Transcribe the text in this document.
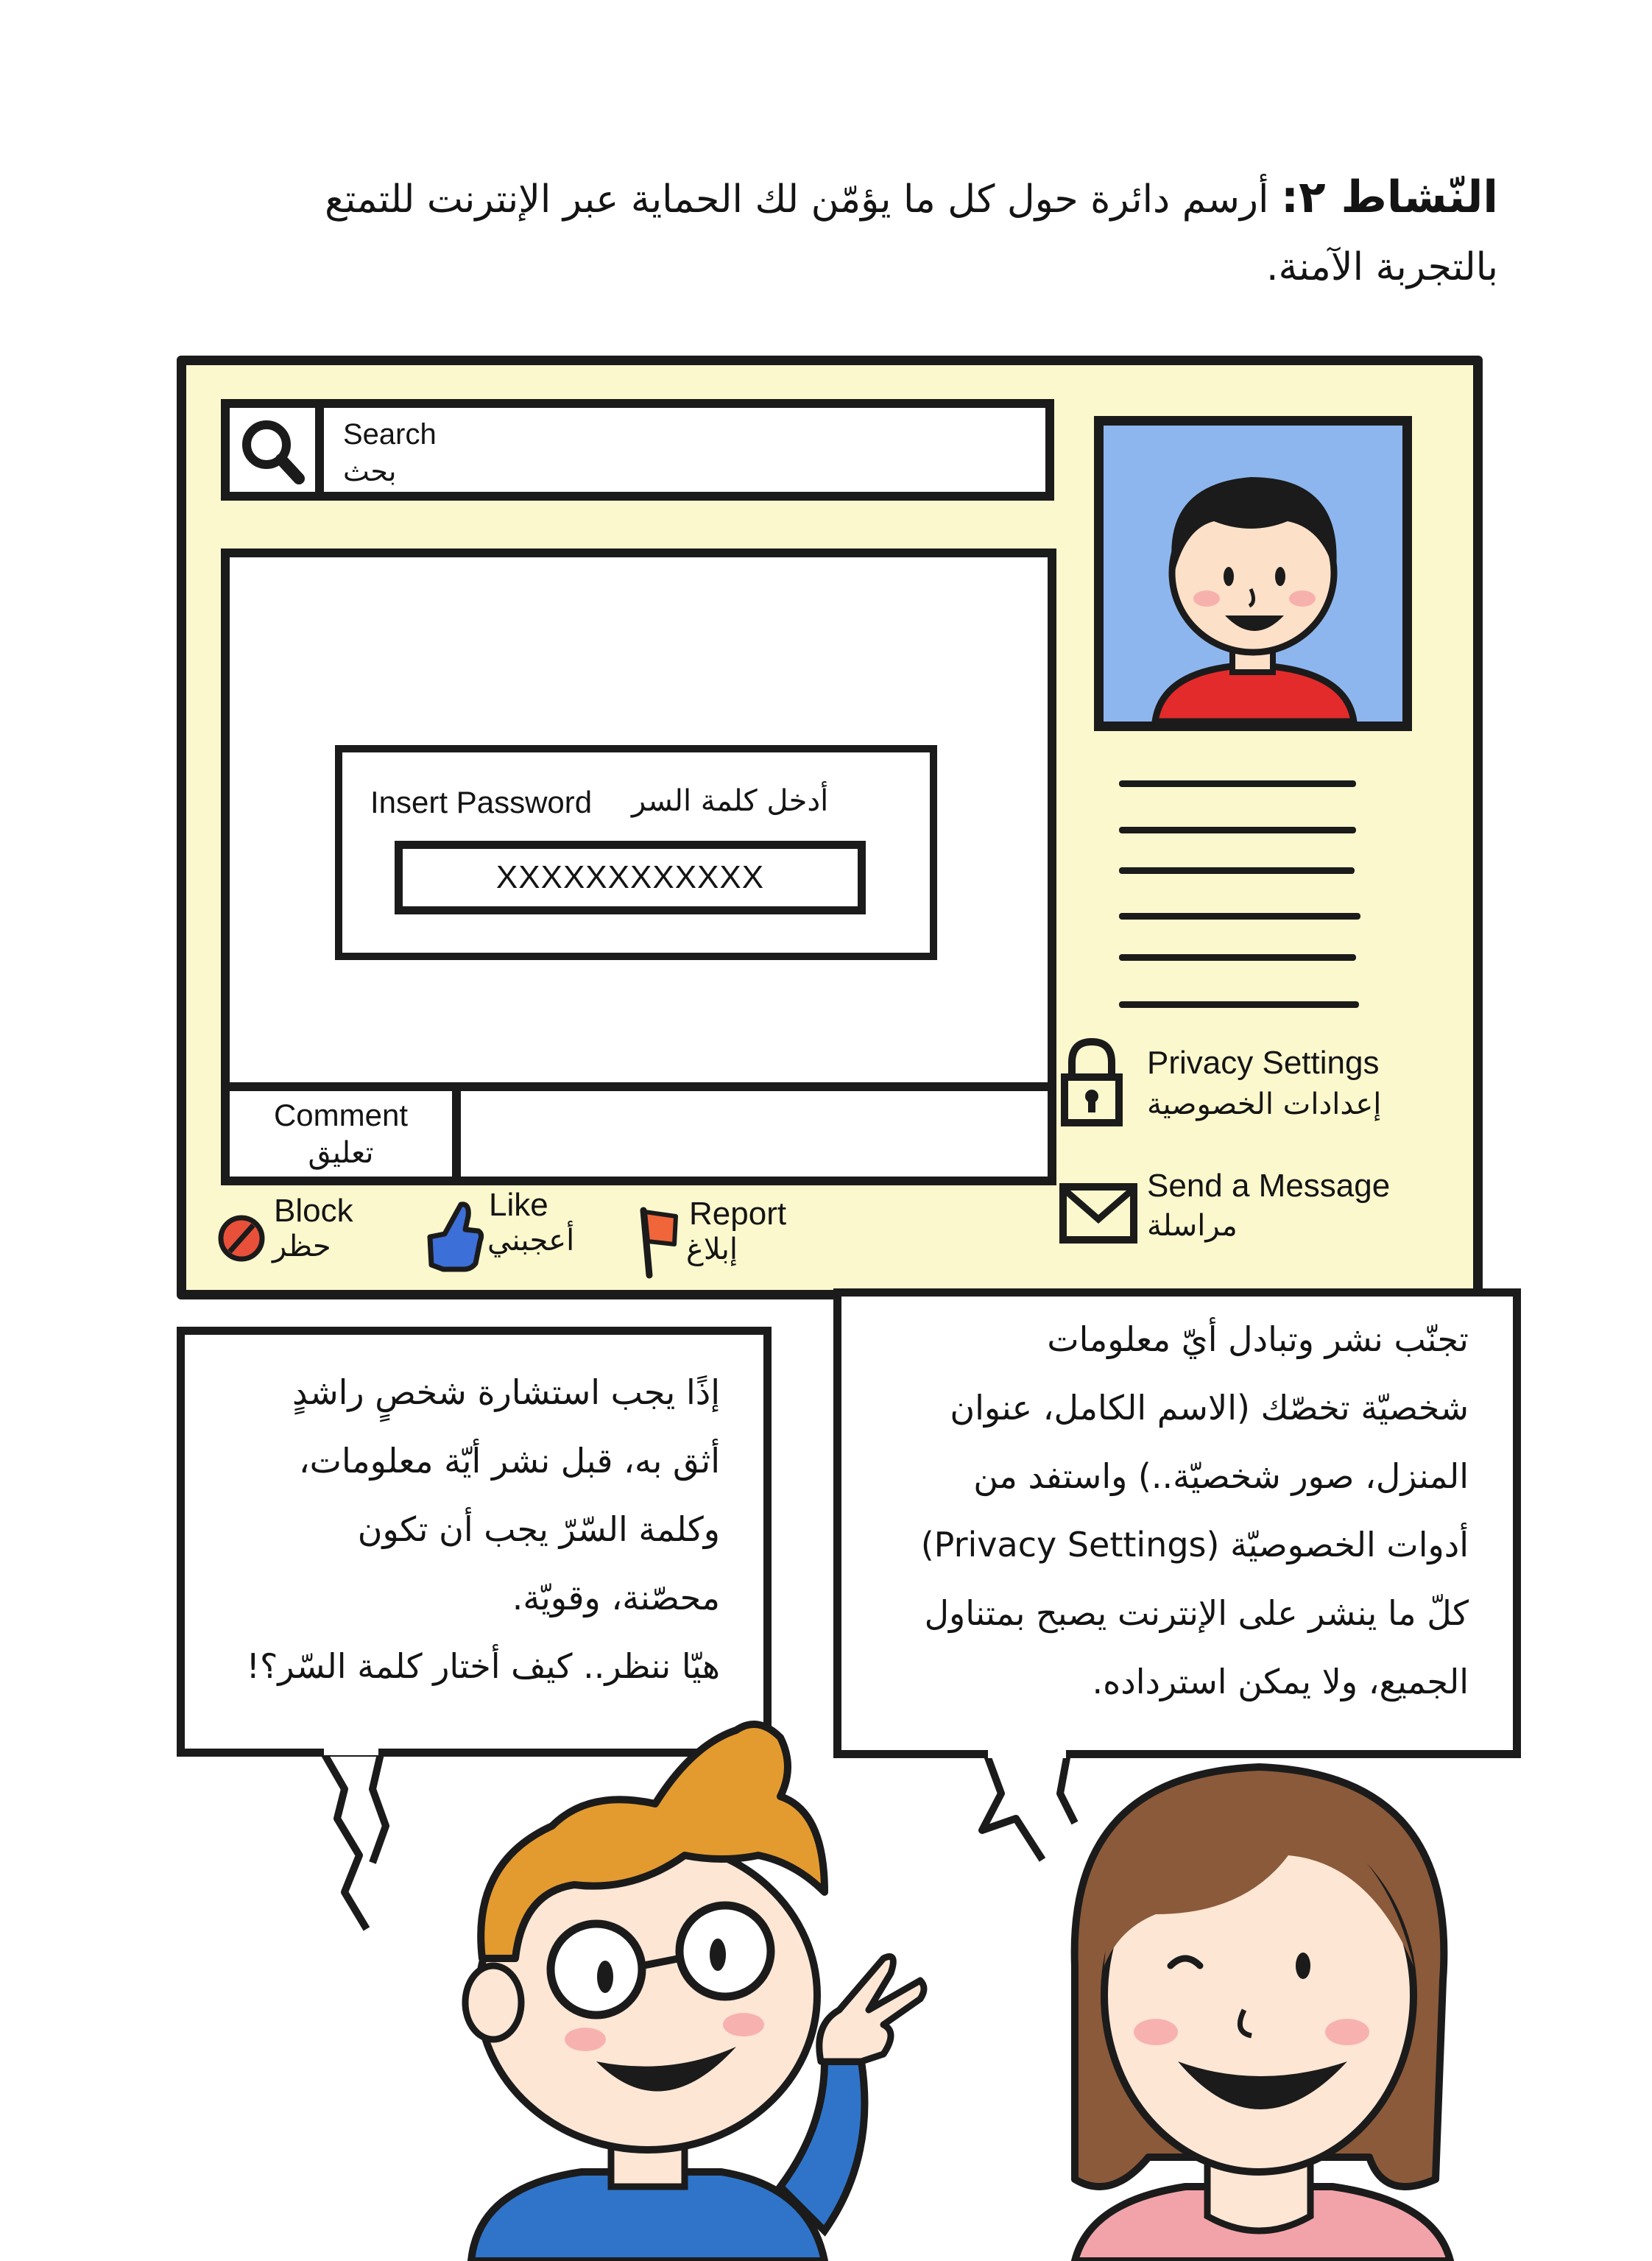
النّشاط ٢: أرسم دائرة حول كل ما يؤمّن لك الحماية عبر الإنترنت للتمتع بالتجربة الآمنة.
Search
بحث
Insert Password أدخل كلمة السر
XXXXXXXXXXXX
Comment
تعليق
Privacy Settings
إعدادات الخصوصية
Send a Message
مراسلة
Block
حظر
Like
أعجبني
Report
إبلاغ
إذًا يجب استشارة شخصٍ راشدٍ
أثق به، قبل نشر أيّة معلومات،
وكلمة السّرّ يجب أن تكون
محصّنة، وقويّة.
هيّا ننظر.. كيف أختار كلمة السّر؟!
تجنّب نشر وتبادل أيّ معلومات
شخصيّة تخصّك (الاسم الكامل، عنوان
المنزل، صور شخصيّة..) واستفد من
أدوات الخصوصيّة (Privacy Settings)
كلّ ما ينشر على الإنترنت يصبح بمتناول
الجميع، ولا يمكن استرداده.
